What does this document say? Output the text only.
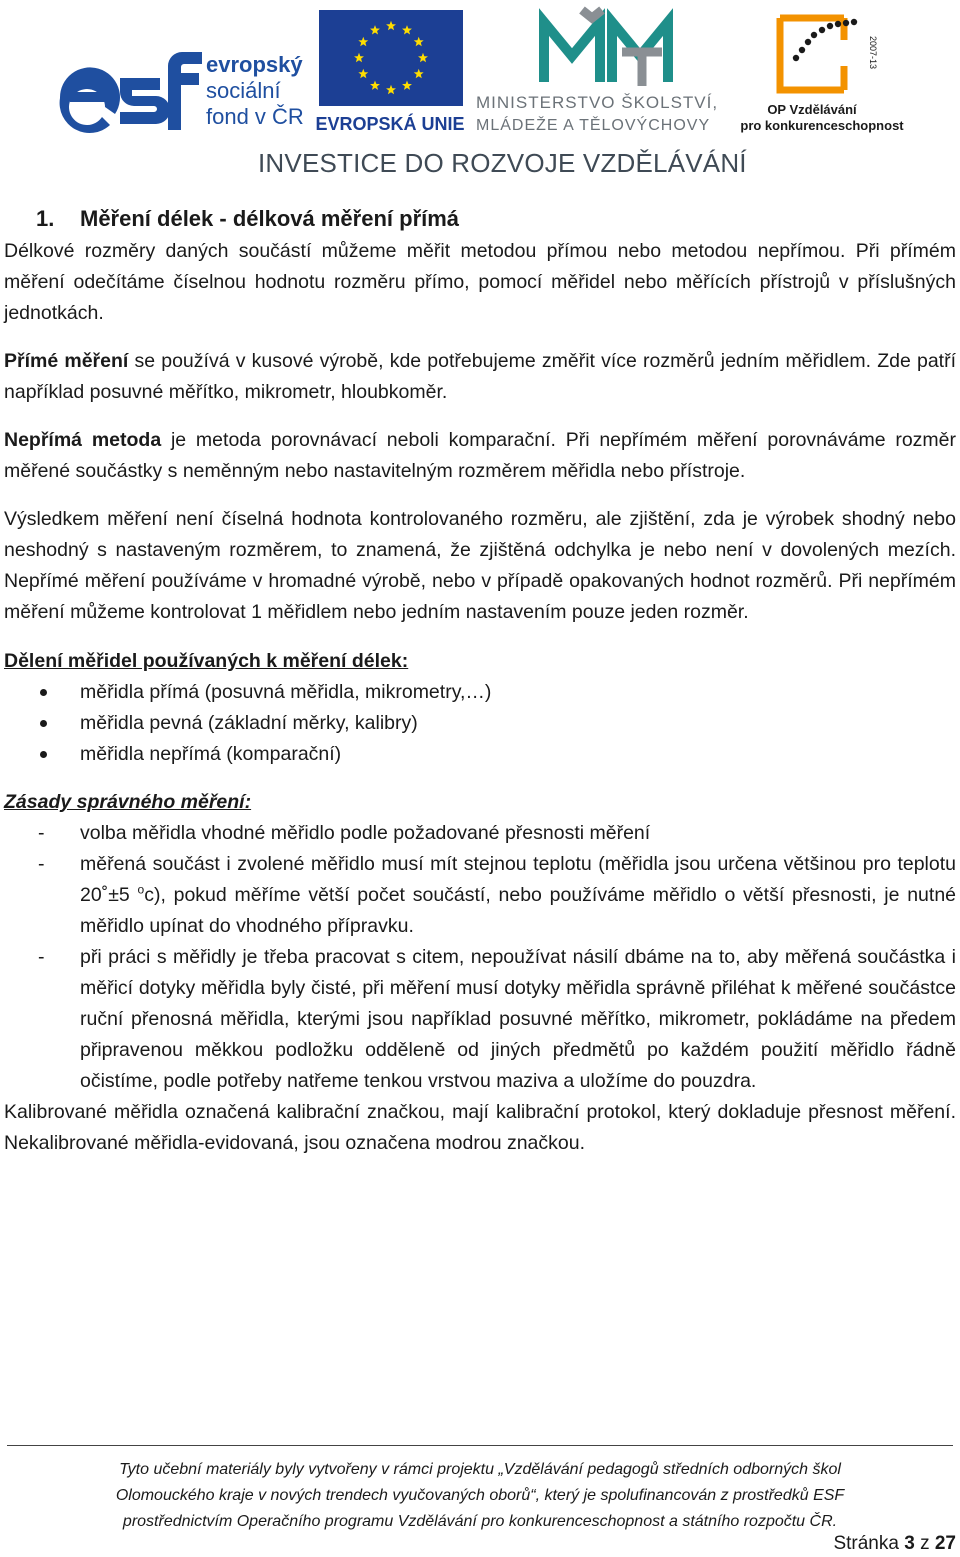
evropský
sociální
fond v ČR EVROPSKÁ UNIE
MINISTERSTVO ŠKOLSTVÍ,
MLÁDEŽE A TĚLOVÝCHOVY
2007-13
OP Vzdělávání
pro konkurenceschopnost
INVESTICE DO ROZVOJE VZDĚLÁVÁNÍ
1.	Měření délek - délková měření přímá

Délkové rozměry daných součástí můžeme měřit metodou přímou nebo metodou nepřímou. Při přímém měření odečítáme číselnou hodnotu rozměru přímo, pomocí měřidel nebo měřících přístrojů v příslušných jednotkách.

Přímé měření se používá v kusové výrobě, kde potřebujeme změřit více rozměrů jedním měřidlem. Zde patří například posuvné měřítko, mikrometr, hloubkoměr.

Nepřímá metoda je metoda porovnávací neboli komparační. Při nepřímém měření porovnáváme rozměr měřené součástky s neměnným nebo nastavitelným rozměrem měřidla nebo přístroje.

Výsledkem měření není číselná hodnota kontrolovaného rozměru, ale zjištění, zda je výrobek shodný nebo neshodný s nastaveným rozměrem, to znamená, že zjištěná odchylka je nebo není v dovolených mezích. Nepřímé měření používáme v hromadné výrobě, nebo v případě opakovaných hodnot rozměrů. Při nepřímém měření můžeme kontrolovat 1 měřidlem nebo jedním nastavením pouze jeden rozměr.

Dělení měřidel používaných k měření délek:

měřidla přímá (posuvná měřidla, mikrometry,…)
měřidla pevná (základní měrky, kalibry)
měřidla nepřímá (komparační)

Zásady správného měření:

-	volba měřidla vhodné měřidlo podle požadované přesnosti měření
-	měřená součást i zvolené měřidlo musí mít stejnou teplotu (měřidla jsou určena většinou pro teplotu 20˚±5 $^o$c), pokud měříme větší počet součástí, nebo používáme měřidlo o větší přesnosti, je nutné měřidlo upínat do vhodného přípravku.
-	při práci s měřidly je třeba pracovat s citem, nepoužívat násilí dbáme na to, aby měřená součástka i měřicí dotyky měřidla byly čisté, při měření musí dotyky měřidla správně přiléhat k měřené součástce ruční přenosná měřidla, kterými jsou například posuvné měřítko, mikrometr, pokládáme na předem připravenou měkkou podložku odděleně od jiných předmětů po každém použití měřidlo řádně očistíme, podle potřeby natřeme tenkou vrstvou maziva a uložíme do pouzdra.

Kalibrované měřidla označená kalibrační značkou, mají kalibrační protokol, který dokladuje přesnost měření. Nekalibrované měřidla-evidovaná, jsou označena modrou značkou.

Tyto učební materiály byly vytvořeny v rámci projektu „Vzdělávání pedagogů středních odborných škol
Olomouckého kraje v nových trendech vyučovaných oborů“, který je spolufinancován z prostředků ESF
prostřednictvím Operačního programu Vzdělávání pro konkurenceschopnost a státního rozpočtu ČR.
Stránka 3 z 27
